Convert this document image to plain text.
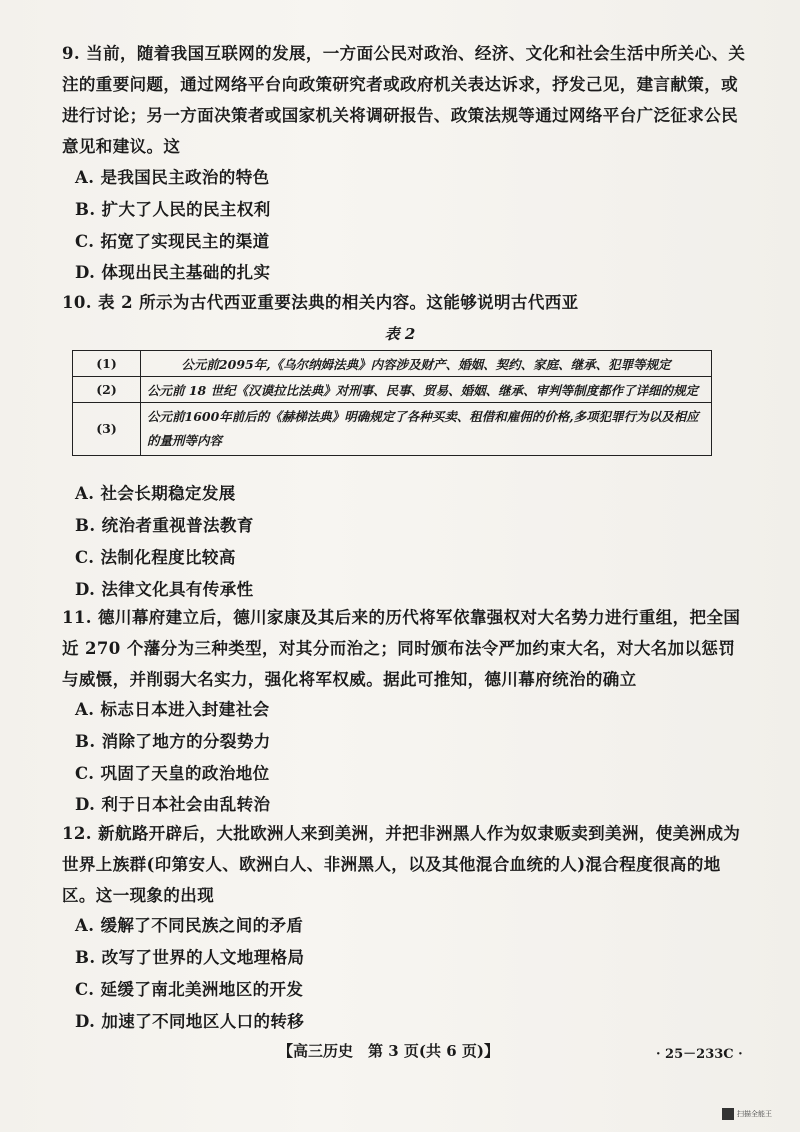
9. 当前，随着我国互联网的发展，一方面公民对政治、经济、文化和社会生活中所关心、关注的重要问题，通过网络平台向政策研究者或政府机关表达诉求，抒发己见，建言献策，或进行讨论；另一方面决策者或国家机关将调研报告、政策法规等通过网络平台广泛征求公民意见和建议。这
A. 是我国民主政治的特色
B. 扩大了人民的民主权利
C. 拓宽了实现民主的渠道
D. 体现出民主基础的扎实
10. 表 2 所示为古代西亚重要法典的相关内容。这能够说明古代西亚
表 2
(1)	公元前2095年,《乌尔纳姆法典》内容涉及财产、婚姻、契约、家庭、继承、犯罪等规定
(2)	公元前 18 世纪《汉谟拉比法典》对刑事、民事、贸易、婚姻、继承、审判等制度都作了详细的规定
(3)	公元前1600年前后的《赫梯法典》明确规定了各种买卖、租借和雇佣的价格,多项犯罪行为以及相应的量刑等内容
A. 社会长期稳定发展
B. 统治者重视普法教育
C. 法制化程度比较高
D. 法律文化具有传承性
11. 德川幕府建立后，德川家康及其后来的历代将军依靠强权对大名势力进行重组，把全国近 270 个藩分为三种类型，对其分而治之；同时颁布法令严加约束大名，对大名加以惩罚与威慑，并削弱大名实力，强化将军权威。据此可推知，德川幕府统治的确立
A. 标志日本进入封建社会
B. 消除了地方的分裂势力
C. 巩固了天皇的政治地位
D. 利于日本社会由乱转治
12. 新航路开辟后，大批欧洲人来到美洲，并把非洲黑人作为奴隶贩卖到美洲，使美洲成为世界上族群(印第安人、欧洲白人、非洲黑人，以及其他混合血统的人)混合程度很高的地区。这一现象的出现
A. 缓解了不同民族之间的矛盾
B. 改写了世界的人文地理格局
C. 延缓了南北美洲地区的开发
D. 加速了不同地区人口的转移
【高三历史　第 3 页(共 6 页)】	· 25－233C ·
扫描全能王
